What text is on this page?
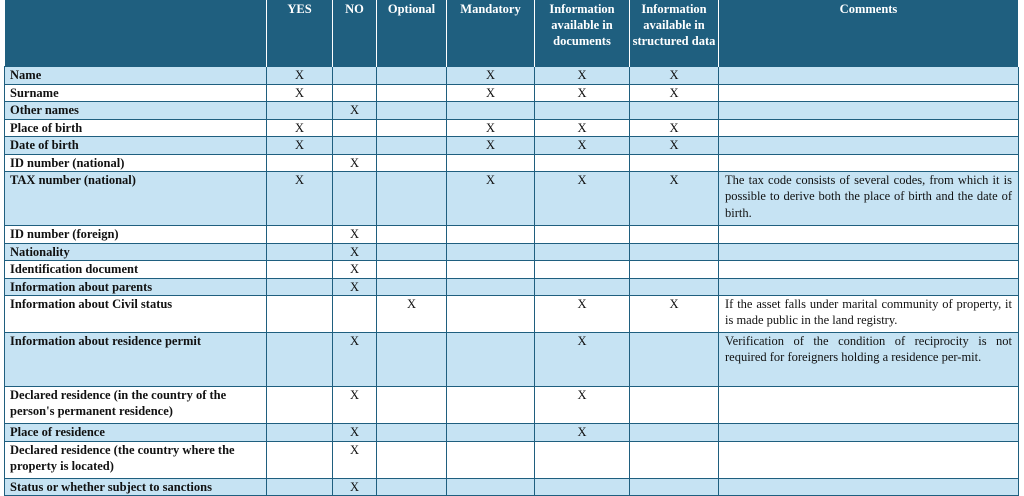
	YES	NO	Optional	Mandatory	Information available in documents	Information available in structured data	Comments
Name	X			X	X	X	
Surname	X			X	X	X	
Other names		X					
Place of birth	X			X	X	X	
Date of birth	X			X	X	X	
ID number (national)		X					
TAX number (national)	X			X	X	X	The tax code consists of several codes, from which it is possible to derive both the place of birth and the date of birth.
ID number (foreign)		X					
Nationality		X					
Identification document		X					
Information about parents		X					
Information about Civil status			X		X	X	If the asset falls under marital community of property, it is made public in the land registry.
Information about residence permit		X			X		Verification of the condition of reciprocity is not required for foreigners holding a residence per-mit.
Declared residence (in the country of the person's permanent residence)		X			X		
Place of residence		X			X		
Declared residence (the country where the property is located)		X					
Status or whether subject to sanctions		X					
